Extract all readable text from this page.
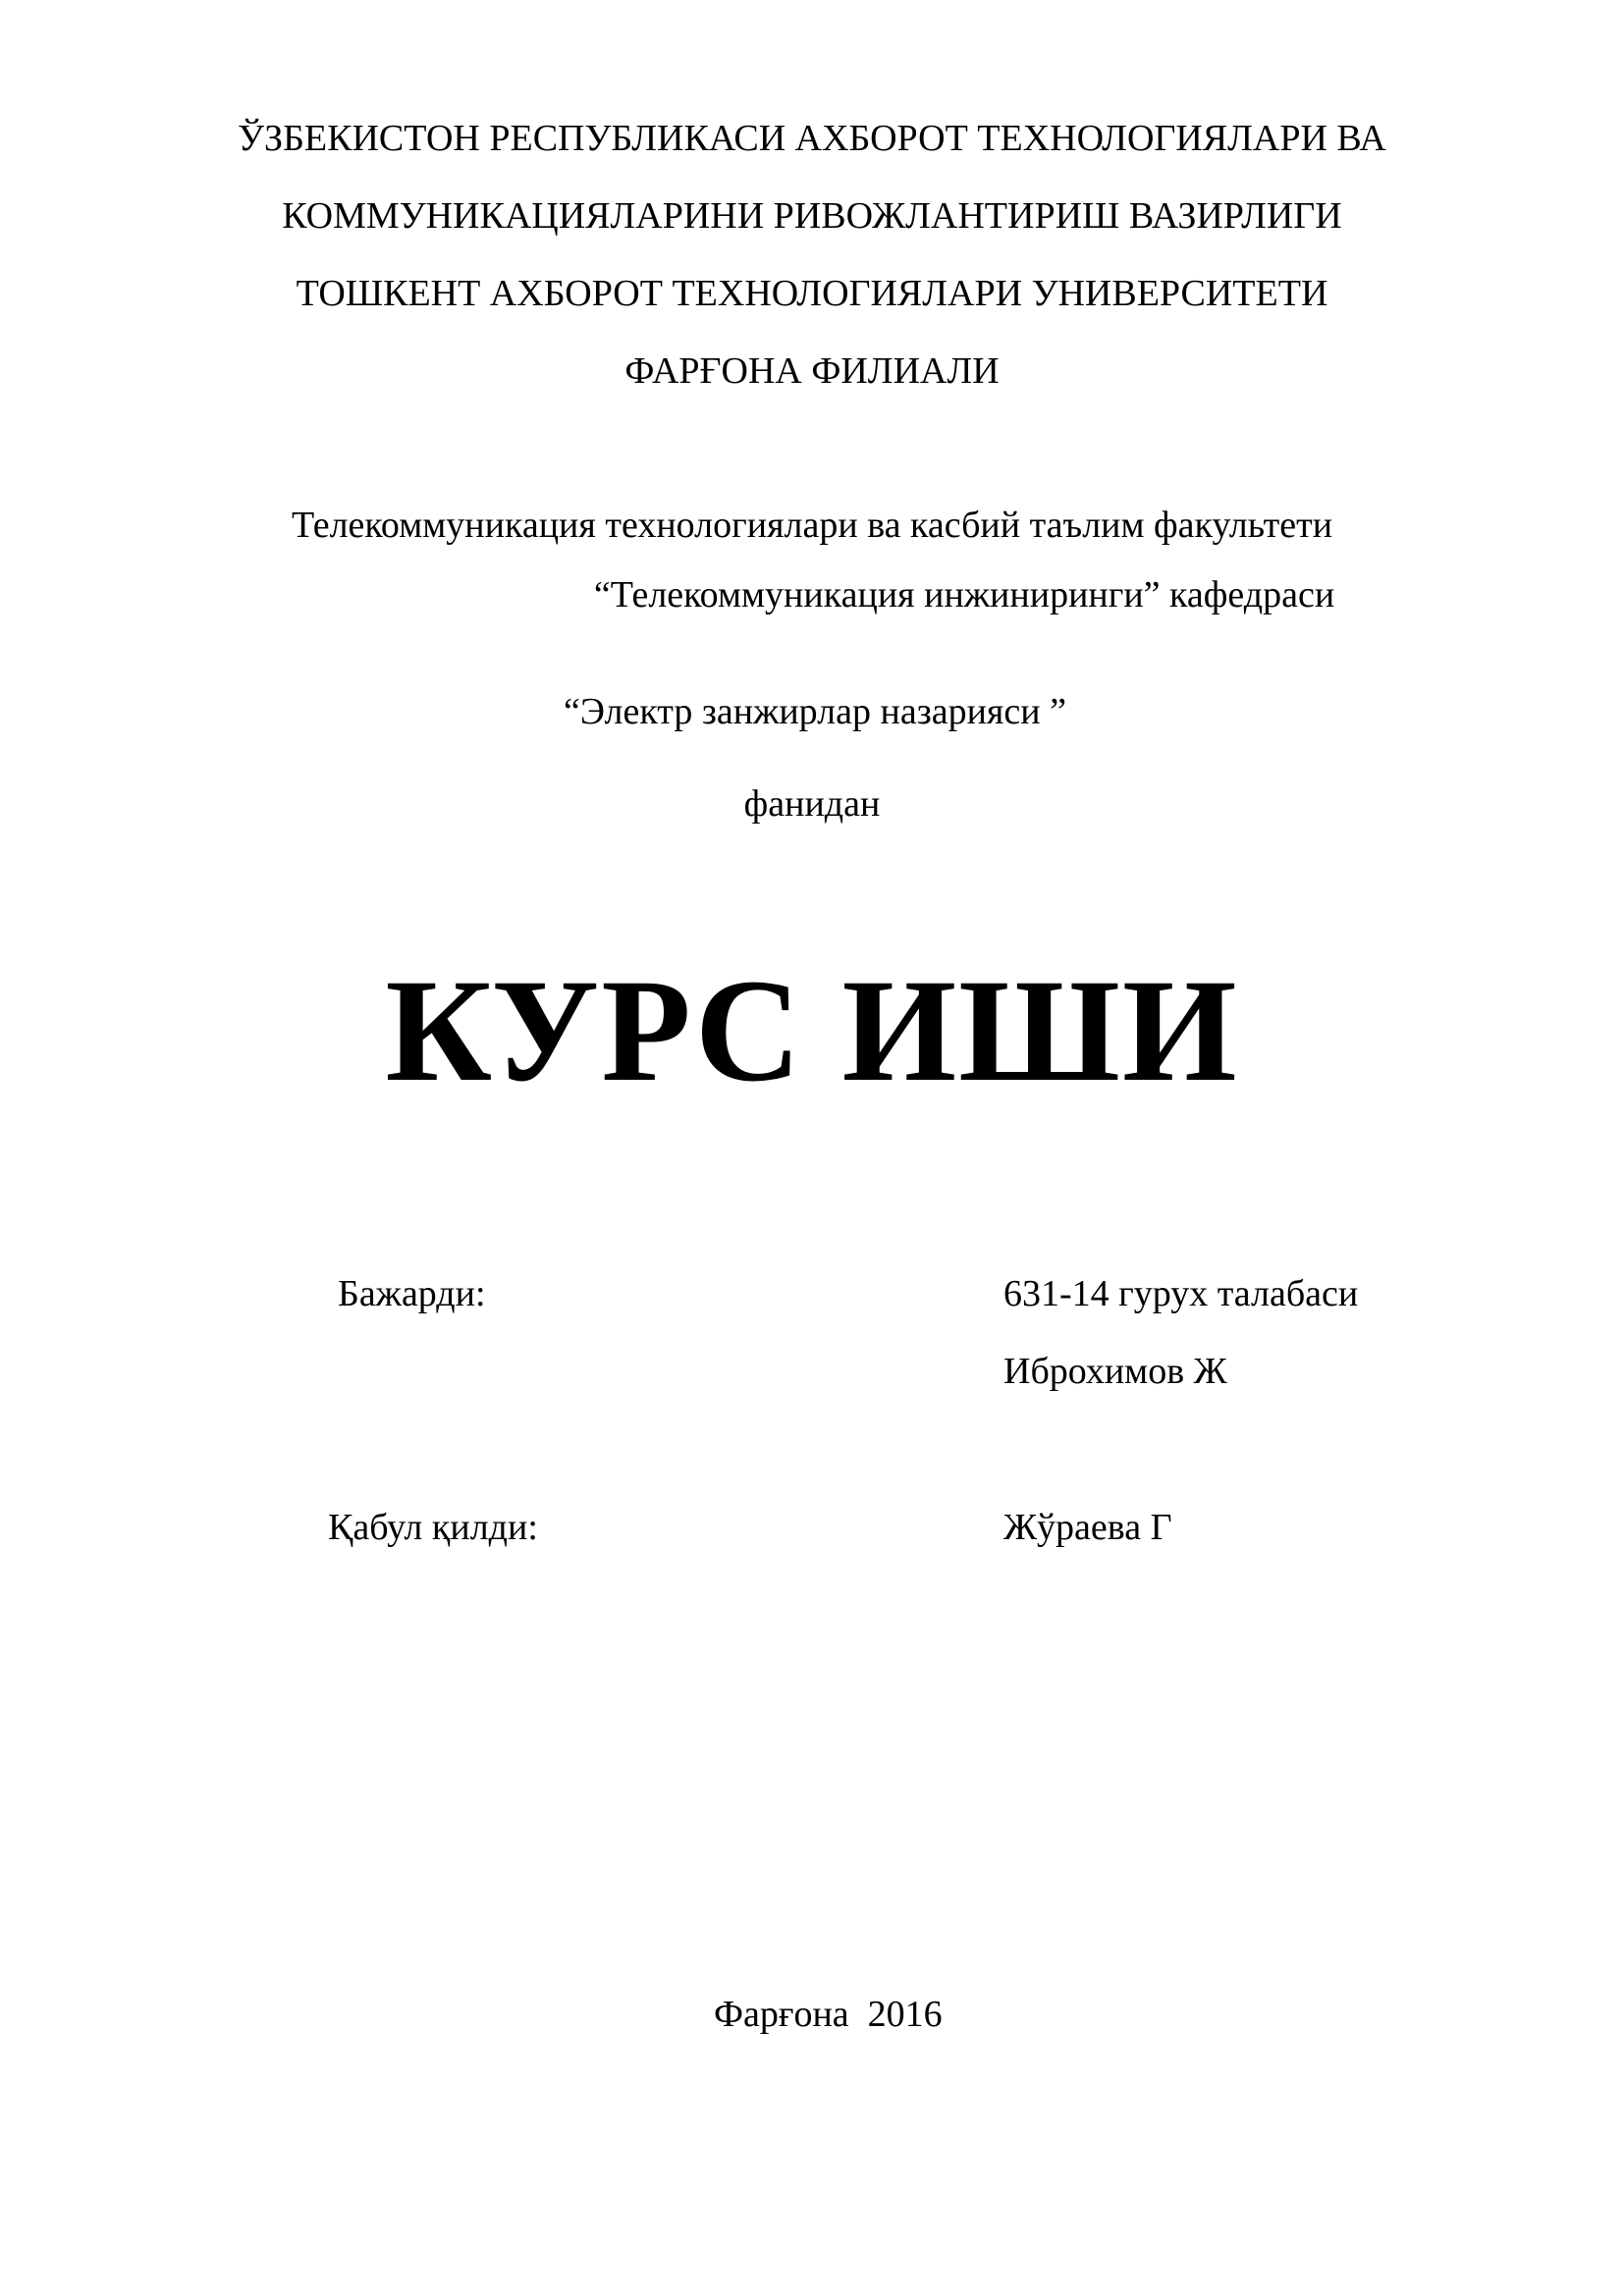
ЎЗБЕКИСТОН РЕСПУБЛИКАСИ АХБОРОТ ТЕХНОЛОГИЯЛАРИ ВА
КОММУНИКАЦИЯЛАРИНИ РИВОЖЛАНТИРИШ ВАЗИРЛИГИ
ТОШКЕНТ АХБОРОТ ТЕХНОЛОГИЯЛАРИ УНИВЕРСИТЕТИ
ФАРҒОНА ФИЛИАЛИ
Телекоммуникация технологиялари ва касбий таълим факультети
“Телекоммуникация инжиниринги” кафедраси
“Электр занжирлар назарияси ”
фанидан
КУРС ИШИ
Бажарди:	631-14 гурух талабаси
Иброхимов Ж
Қабул қилди:	Жўраева Г
Фарғона  2016
